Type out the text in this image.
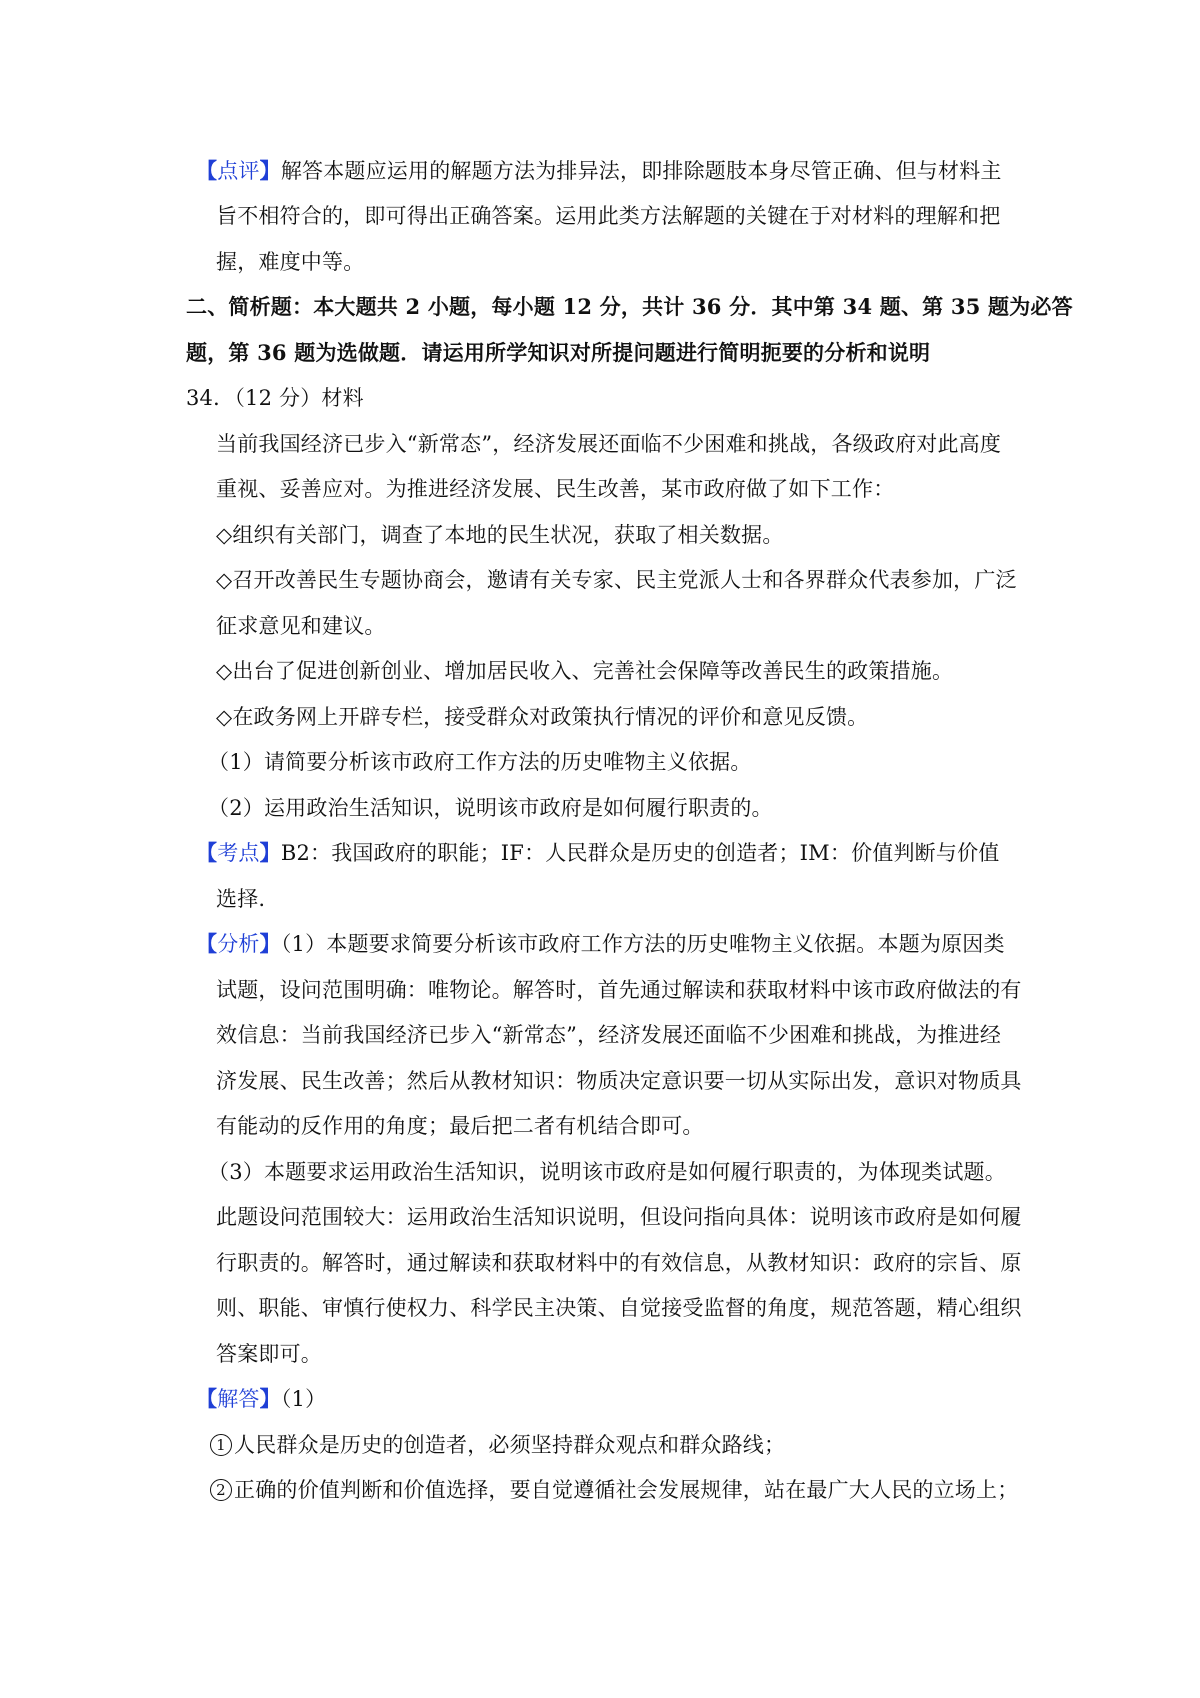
【点评】解答本题应运用的解题方法为排异法，即排除题肢本身尽管正确、但与材料主
旨不相符合的，即可得出正确答案。运用此类方法解题的关键在于对材料的理解和把
握，难度中等。
二、简析题：本大题共 2 小题，每小题 12 分，共计 36 分．其中第 34 题、第 35 题为必答
题，第 36 题为选做题．请运用所学知识对所提问题进行简明扼要的分析和说明
34．（12 分）材料
当前我国经济已步入“新常态”，经济发展还面临不少困难和挑战，各级政府对此高度
重视、妥善应对。为推进经济发展、民生改善，某市政府做了如下工作：
◇组织有关部门，调查了本地的民生状况，获取了相关数据。
◇召开改善民生专题协商会，邀请有关专家、民主党派人士和各界群众代表参加，广泛
征求意见和建议。
◇出台了促进创新创业、增加居民收入、完善社会保障等改善民生的政策措施。
◇在政务网上开辟专栏，接受群众对政策执行情况的评价和意见反馈。
（1）请简要分析该市政府工作方法的历史唯物主义依据。
（2）运用政治生活知识，说明该市政府是如何履行职责的。
【考点】B2：我国政府的职能；IF：人民群众是历史的创造者；IM：价值判断与价值
选择.
【分析】（1）本题要求简要分析该市政府工作方法的历史唯物主义依据。本题为原因类
试题，设问范围明确：唯物论。解答时，首先通过解读和获取材料中该市政府做法的有
效信息：当前我国经济已步入“新常态”，经济发展还面临不少困难和挑战，为推进经
济发展、民生改善；然后从教材知识：物质决定意识要一切从实际出发，意识对物质具
有能动的反作用的角度；最后把二者有机结合即可。
（3）本题要求运用政治生活知识，说明该市政府是如何履行职责的，为体现类试题。
此题设问范围较大：运用政治生活知识说明，但设问指向具体：说明该市政府是如何履
行职责的。解答时，通过解读和获取材料中的有效信息，从教材知识：政府的宗旨、原
则、职能、审慎行使权力、科学民主决策、自觉接受监督的角度，规范答题，精心组织
答案即可。
【解答】（1）
1 人民群众是历史的创造者，必须坚持群众观点和群众路线；
2 正确的价值判断和价值选择，要自觉遵循社会发展规律，站在最广大人民的立场上；
